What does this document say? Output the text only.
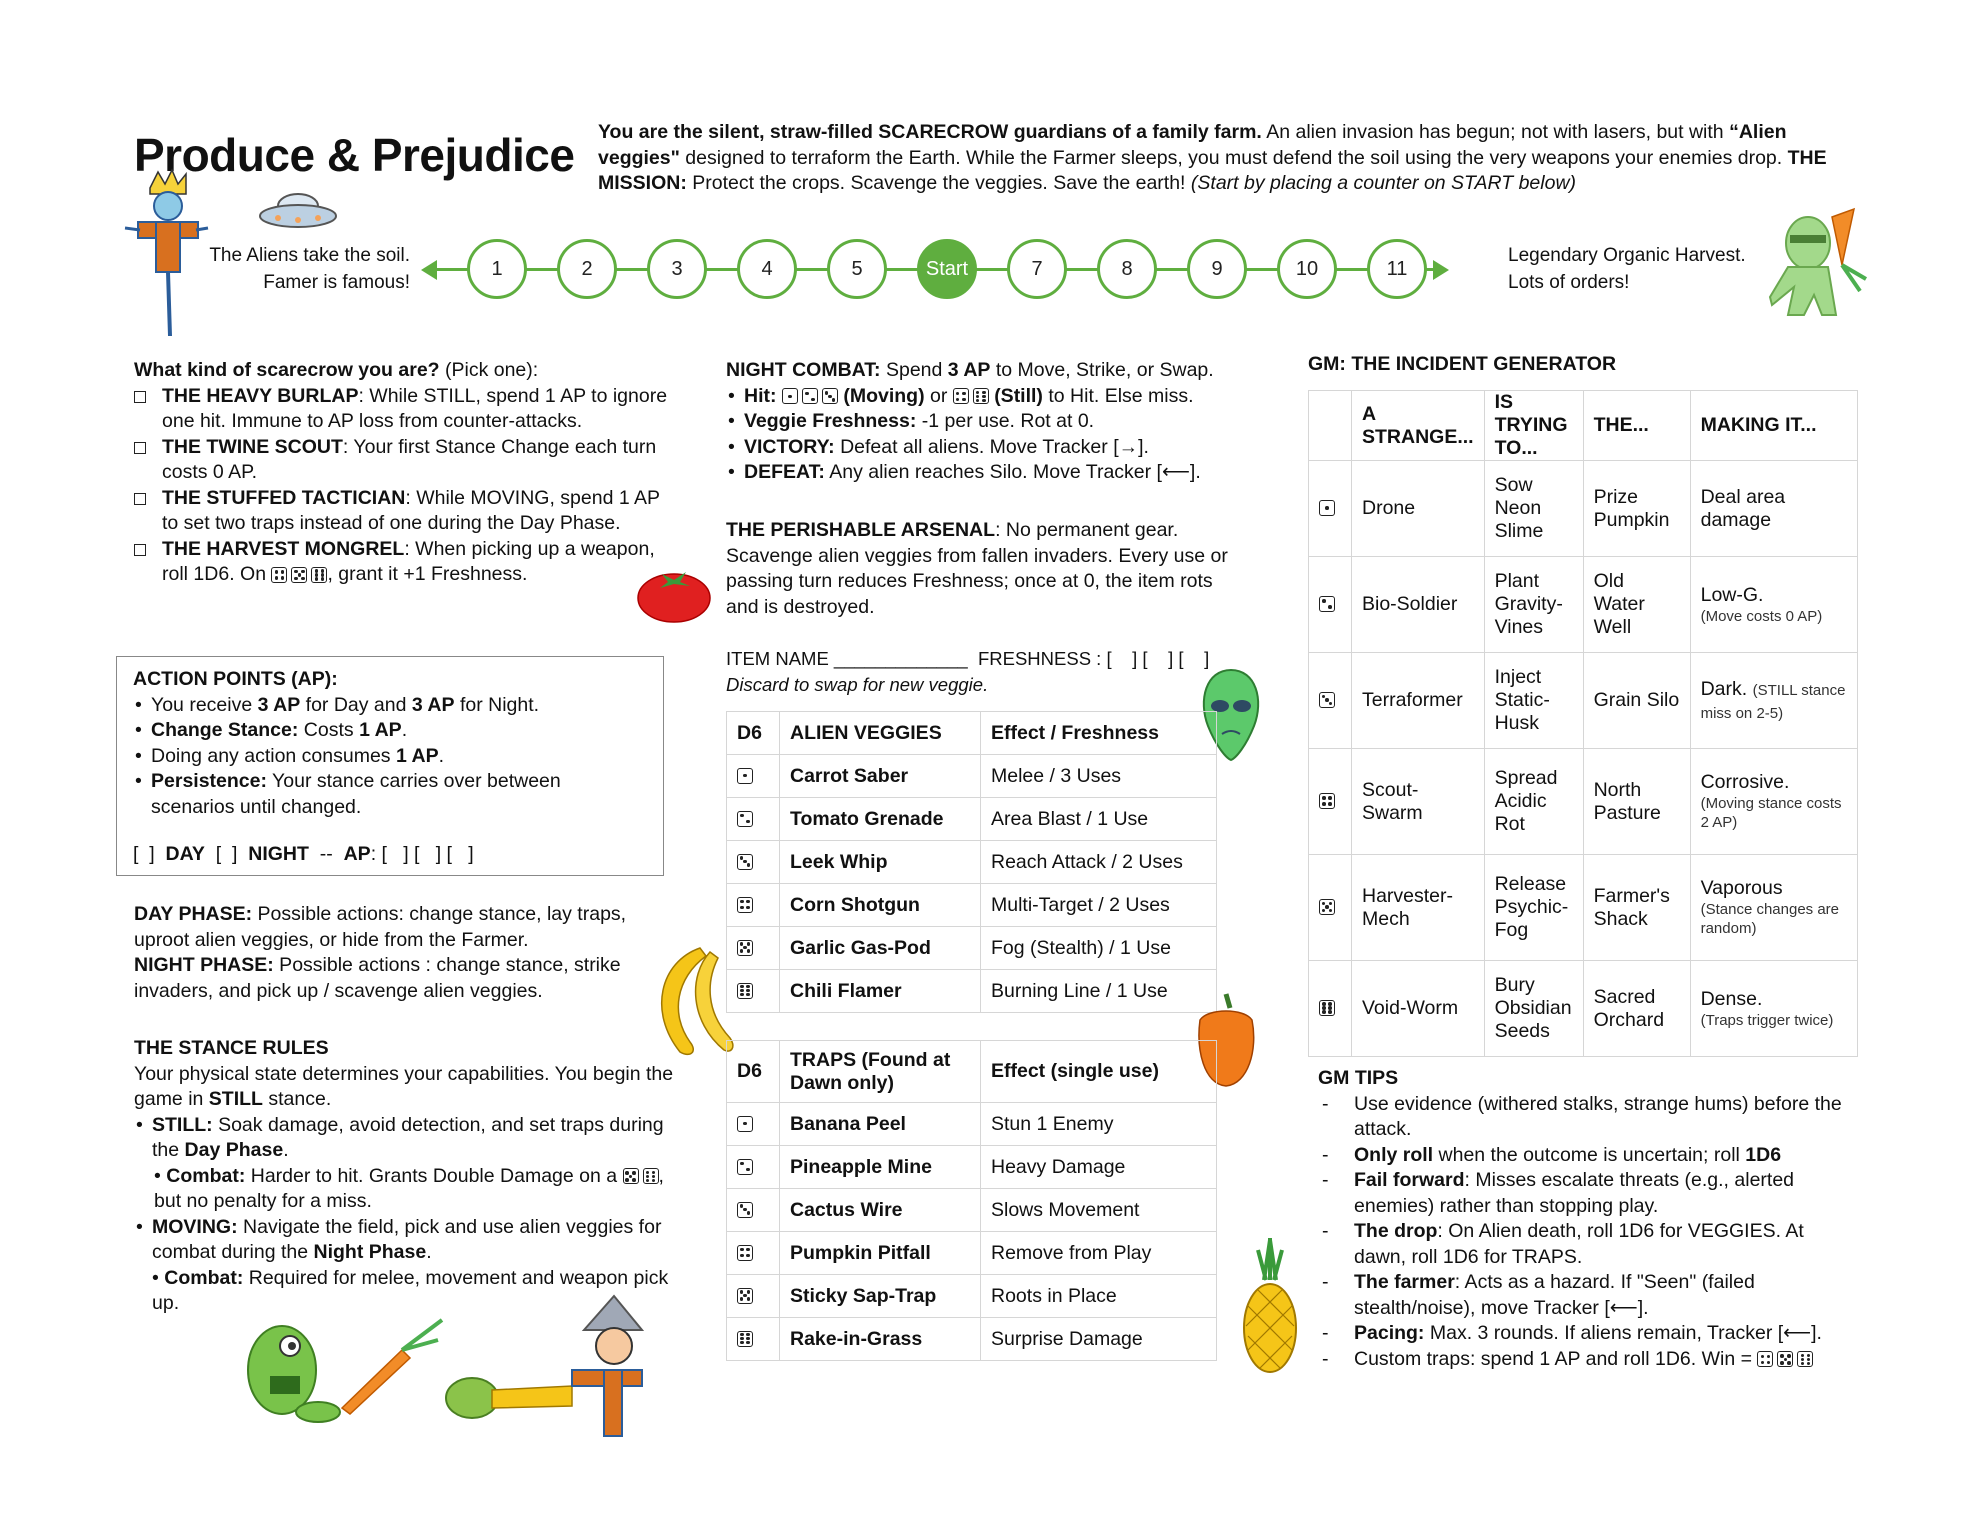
Produce & Prejudice You are the silent, straw-filled SCARECROW guardians of a family farm. An alien invasion has begun; not with lasers, but with “Alien veggies" designed to terraform the Earth. While the Farmer sleeps, you must defend the soil using the very weapons your enemies drop. THE MISSION: Protect the crops. Scavenge the veggies. Save the earth! (Start by placing a counter on START below)
The Aliens take the soil. Famer is famous!
Legendary Organic Harvest. Lots of orders!
1	2	3	4	5	Start	7	8	9	10	11
What kind of scarecrow you are? (Pick one):
THE HEAVY BURLAP: While STILL, spend 1 AP to ignore one hit. Immune to AP loss from counter-attacks.
THE TWINE SCOUT: Your first Stance Change each turn costs 0 AP.
THE STUFFED TACTICIAN: While MOVING, spend 1 AP to set two traps instead of one during the Day Phase.
THE HARVEST MONGREL: When picking up a weapon, roll 1D6. On	, grant it +1 Freshness.
ACTION POINTS (AP):
• You receive 3 AP for Day and 3 AP for Night.
• Change Stance: Costs 1 AP.
• Doing any action consumes 1 AP.
• Persistence: Your stance carries over between scenarios until changed.
[  ]  DAY  [  ]  NIGHT  --  AP: [   ] [   ] [   ]
DAY PHASE: Possible actions: change stance, lay traps, uproot alien veggies, or hide from the Farmer.
NIGHT PHASE: Possible actions : change stance, strike invaders, and pick up / scavenge alien veggies.
THE STANCE RULES
Your physical state determines your capabilities. You begin the game in STILL stance.
• STILL: Soak damage, avoid detection, and set traps during the Day Phase.
• Combat: Harder to hit. Grants Double Damage on a
, but no penalty for a miss.
• MOVING: Navigate the field, pick and use alien veggies for combat during the Night Phase.
• Combat: Required for melee, movement and weapon pick up.
NIGHT COMBAT: Spend 3 AP to Move, Strike, or Swap.
• Hit:	(Moving) or
(Still) to Hit. Else miss.
• Veggie Freshness: -1 per use. Rot at 0.
• VICTORY: Defeat all aliens. Move Tracker [→].
• DEFEAT: Any alien reaches Silo. Move Tracker [⟵].
THE PERISHABLE ARSENAL: No permanent gear. Scavenge alien veggies from fallen invaders. Every use or passing turn reduces Freshness; once at 0, the item rots and is destroyed.
ITEM NAME _____________  FRESHNESS : [    ] [    ] [    ]
Discard to swap for new veggie.
D6	ALIEN VEGGIES	Effect / Freshness

	Carrot Saber	Melee / 3 Uses

	Tomato Grenade	Area Blast / 1 Use

	Leek Whip	Reach Attack / 2 Uses

	Corn Shotgun	Multi-Target / 2 Uses

	Garlic Gas-Pod	Fog (Stealth) / 1 Use

	Chili Flamer	Burning Line / 1 Use
D6	TRAPS (Found at Dawn only)	Effect (single use)

	Banana Peel	Stun 1 Enemy

	Pineapple Mine	Heavy Damage

	Cactus Wire	Slows Movement

	Pumpkin Pitfall	Remove from Play

	Sticky Sap-Trap	Roots in Place

	Rake-in-Grass	Surprise Damage
GM: THE INCIDENT GENERATOR
	A STRANGE...	IS TRYING TO...	THE...	MAKING IT...

	Drone	Sow Neon Slime	Prize Pumpkin	Deal area damage

	Bio-Soldier	Plant Gravity-Vines	Old Water Well	Low-G.
(Move costs 0 AP)

	Terraformer	Inject Static-Husk	Grain Silo	Dark. (STILL stance miss on 2-5)

	Scout-Swarm	Spread Acidic Rot	North Pasture	Corrosive.
(Moving stance costs 2 AP)

	Harvester-Mech	Release Psychic-Fog	Farmer's Shack	Vaporous
(Stance changes are random)

	Void-Worm	Bury Obsidian Seeds	Sacred Orchard	Dense.
(Traps trigger twice)
GM TIPS
- Use evidence (withered stalks, strange hums) before the attack.
- Only roll when the outcome is uncertain; roll 1D6
- Fail forward: Misses escalate threats (e.g., alerted enemies) rather than stopping play.
- The drop: On Alien death, roll 1D6 for VEGGIES. At dawn, roll 1D6 for TRAPS.
- The farmer: Acts as a hazard. If "Seen" (failed stealth/noise), move Tracker [⟵].
- Pacing: Max. 3 rounds. If aliens remain, Tracker [⟵].
- Custom traps: spend 1 AP and roll 1D6. Win =
